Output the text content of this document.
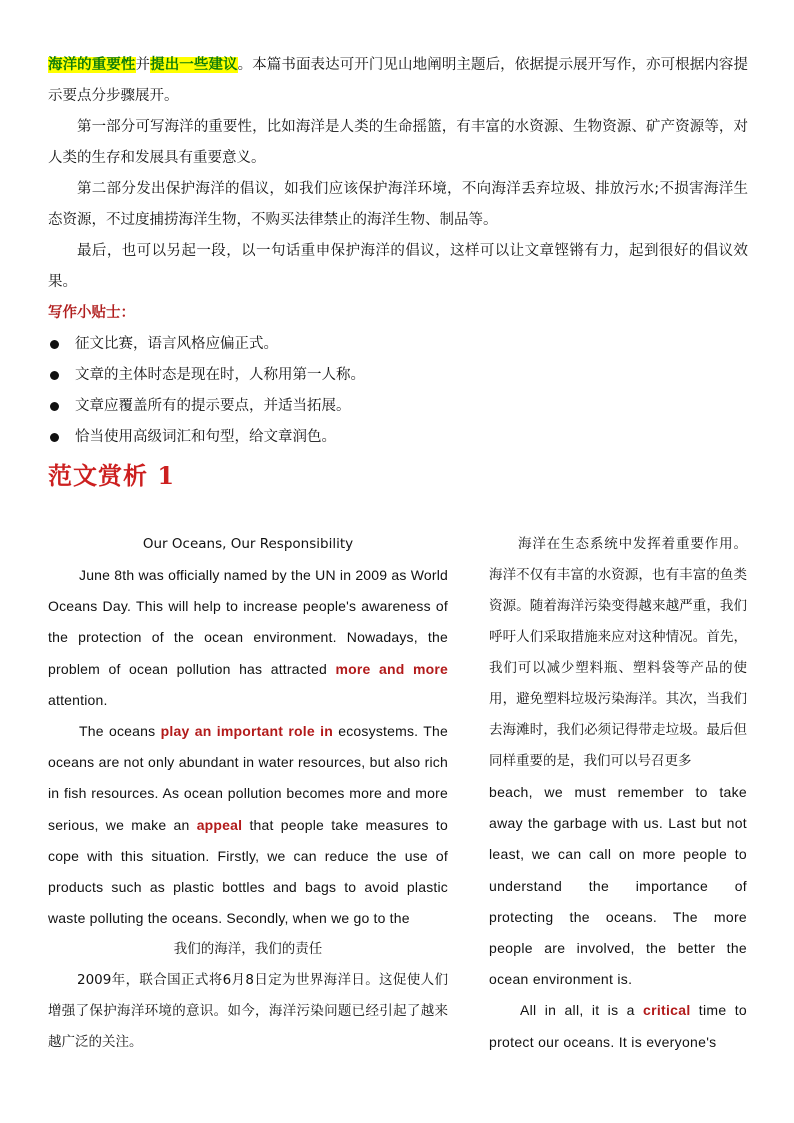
海洋的重要性并提出一些建议。本篇书面表达可开门见山地阐明主题后，依据提示展开写作，亦可根据内容提示要点分步骤展开。

第一部分可写海洋的重要性，比如海洋是人类的生命摇篮，有丰富的水资源、生物资源、矿产资源等，对人类的生存和发展具有重要意义。

第二部分发出保护海洋的倡议，如我们应该保护海洋环境，不向海洋丢弃垃圾、排放污水;不损害海洋生态资源，不过度捕捞海洋生物，不购买法律禁止的海洋生物、制品等。

最后，也可以另起一段，以一句话重申保护海洋的倡议，这样可以让文章铿锵有力，起到很好的倡议效果。

写作小贴士：

征文比赛，语言风格应偏正式。
文章的主体时态是现在时，人称用第一人称。
文章应覆盖所有的提示要点，并适当拓展。
恰当使用高级词汇和句型，给文章润色。
范文赏析 1

Our Oceans, Our Responsibility

June 8th was officially named by the UN in 2009 as World Oceans Day. This will help to increase people's awareness of the protection of the ocean environment. Nowadays, the problem of ocean pollution has attracted more and more attention.

The oceans play an important role in ecosystems. The oceans are not only abundant in water resources, but also rich in fish resources. As ocean pollution becomes more and more serious, we make an appeal that people take measures to cope with this situation. Firstly, we can reduce the use of products such as plastic bottles and bags to avoid plastic waste polluting the oceans. Secondly, when we go to the

我们的海洋，我们的责任

2009年，联合国正式将6月8日定为世界海洋日。这促使人们增强了保护海洋环境的意识。如今，海洋污染问题已经引起了越来越广泛的关注。

海洋在生态系统中发挥着重要作用。海洋不仅有丰富的水资源，也有丰富的鱼类资源。随着海洋污染变得越来越严重，我们呼吁人们采取措施来应对这种情况。首先，我们可以减少塑料瓶、塑料袋等产品的使用，避免塑料垃圾污染海洋。其次，当我们去海滩时，我们必须记得带走垃圾。最后但同样重要的是，我们可以号召更多

beach, we must remember to take away the garbage with us. Last but not least, we can call on more people to understand the importance of protecting the oceans. The more people are involved, the better the ocean environment is.

All in all, it is a critical time to protect our oceans. It is everyone's
